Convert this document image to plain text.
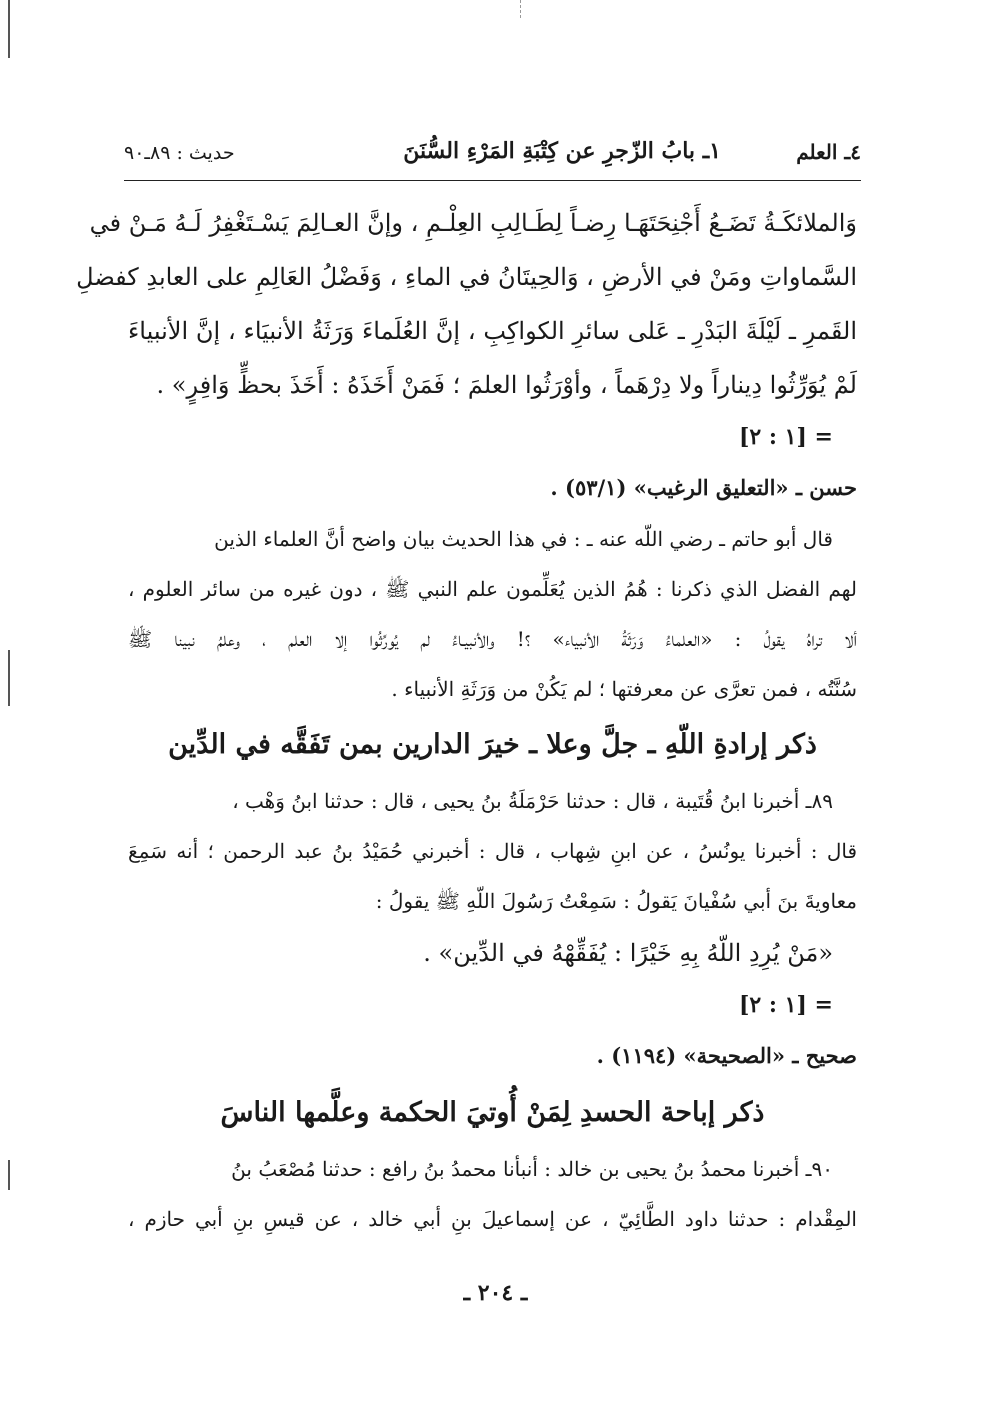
٤ـ العلم
١ـ بابُ الزّجرِ عن كِتْبَةِ المَرْءِ السُّنَنَ
حديث : ٨٩ـ٩٠
وَالملائكَـةُ تَضَـعُ أَجْنِحَتَهَـا رِضـاً لِطَـالِبِ العِلْـمِ ، وإنَّ العـالِمَ يَسْـتَغْفِرُ لَـهُ مَـنْ في
السَّماواتِ ومَنْ في الأرضِ ، وَالحِيتَانُ في الماءِ ، وَفَضْلُ العَالِمِ على العابدِ كفضلِ
القَمرِ ـ لَيْلَةَ البَدْرِ ـ عَلى سائرِ الكواكِبِ ، إنَّ العُلَماءَ وَرَثَةُ الأنبيَاء ، إنَّ الأنبياءَ
لَمْ يُوَرِّثُوا دِيناراً ولا دِرْهَماً ، وأوْرَثُوا العلمَ ؛ فَمَنْ أَخَذَهُ : أَخَذَ بحظٍّ وَافِرٍ» .
= [١ : ٢]
حسن ـ «التعليق الرغيب» (٥٣/١) .
قال أبو حاتم ـ رضي اللّه عنه ـ : في هذا الحديث بيان واضح أنَّ العلماء الذين
لهم الفضل الذي ذكرنا : هُمُ الذين يُعَلِّمون علم النبي ﷺ ، دون غيره من سائر العلوم ،
ألا تراهُ يقولُ : «العلماءُ وَرَثَةُ الأنبياء» ؟! والأنبيـاءُ لم يُورِّثُوا إلا العلم ، وعلمُ نبينا ﷺ
سُنَّتُه ، فمن تعرَّى عن معرفتها ؛ لم يَكُنْ من وَرَثَةِ الأنبياء .
ذكر إرادةِ اللّهِ ـ جلَّ وعلا ـ خيرَ الدارين بمن تَفَقَّه في الدِّين
٨٩ـ أخبرنا ابنُ قُتَيبة ، قال : حدثنا حَرْمَلَةُ بنُ يحيى ، قال : حدثنا ابنُ وَهْب ،
قال : أخبرنا يونُسُ ، عن ابنِ شِهاب ، قال : أخبرني حُمَيْدُ بنُ عبد الرحمن ؛ أنه سَمِعَ
معاويةَ بنَ أبي سُفْيانَ يَقولُ : سَمِعْتُ رَسُولَ اللّهِ ﷺ يقولُ :
«مَنْ يُرِدِ اللّهُ بِهِ خَيْرًا : يُفَقِّهْهُ في الدِّين» .
= [١ : ٢]
صحيح ـ «الصحيحة» (١١٩٤) .
ذكر إباحة الحسدِ لِمَنْ أُوتيَ الحكمة وعلَّمها الناسَ
٩٠ـ أخبرنا محمدُ بنُ يحيى بن خالد : أنبأنا محمدُ بنُ رافع : حدثنا مُصْعَبُ بنُ
المِقْدام : حدثنا داود الطَّائِيّ ، عن إسماعيلَ بنِ أبي خالد ، عن قيسِ بنِ أبي حازم ،
ـ ٢٠٤ ـ
